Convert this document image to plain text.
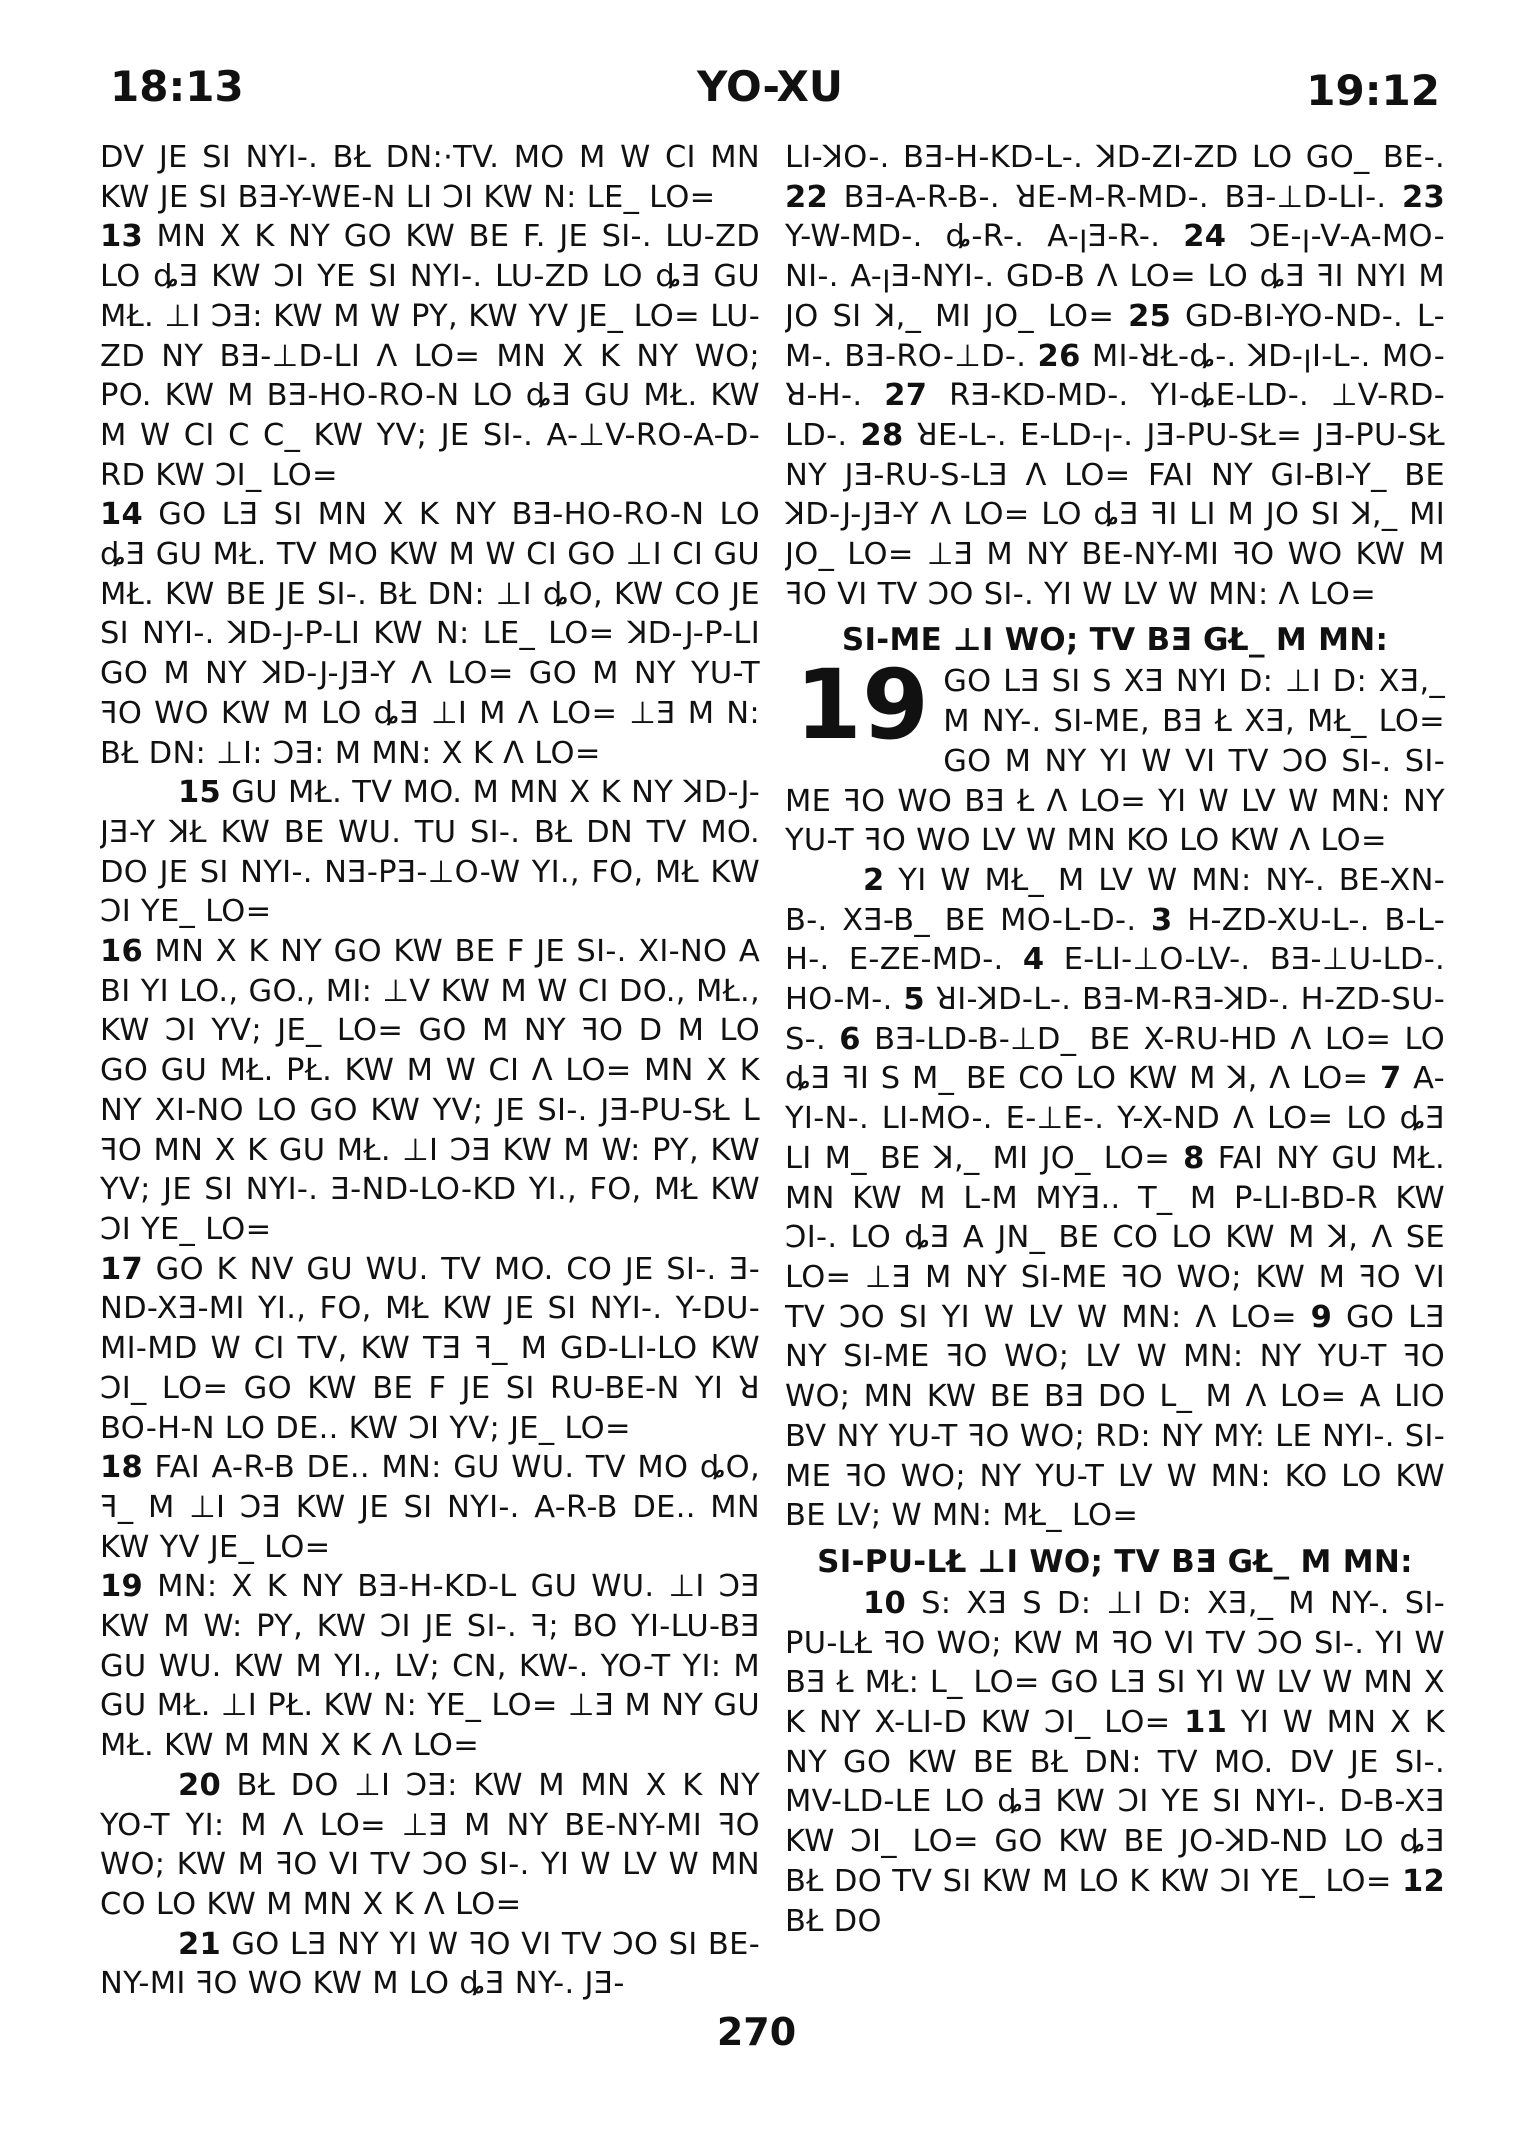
18:13	YO-XU	19:12

DV JE SI NYI-. BŁ DN:·TV. MO M W CI MN KW JE SI BƎ-Y-WE-N LI ƆI KW N: LE_ LO=

13 MN X K NY GO KW BE F. JE SI-. LU-ZD LO ȡƎ KW ƆI YE SI NYI-. LU-ZD LO ȡƎ GU MŁ. ⊥I ƆƎ: KW M W PY, KW YV JE_ LO= LU-ZD NY BƎ-⊥D-LI Λ LO= MN X K NY WO; PO. KW M BƎ-HO-RO-N LO ȡƎ GU MŁ. KW M W CI C C_ KW YV; JE SI-. A-⊥V-RO-A-D-RD KW ƆI_ LO=

14 GO LƎ SI MN X K NY BƎ-HO-RO-N LO ȡƎ GU MŁ. TV MO KW M W CI GO ⊥I CI GU MŁ. KW BE JE SI-. BŁ DN: ⊥I ȡO, KW CO JE SI NYI-. ꓘD-J-P-LI KW N: LE_ LO= ꓘD-J-P-LI GO M NY ꓘD-J-JƎ-Y Λ LO= GO M NY YU-T ꟻO WO KW M LO ȡƎ ⊥I M Λ LO= ⊥Ǝ M N: BŁ DN: ⊥I: ƆƎ: M MN: X K Λ LO=

15 GU MŁ. TV MO. M MN X K NY ꓘD-J-JƎ-Y ꓘŁ KW BE WU. TU SI-. BŁ DN TV MO. DO JE SI NYI-. NƎ-PƎ-⊥O-W YI., FO, MŁ KW ƆI YE_ LO=

16 MN X K NY GO KW BE F JE SI-. XI-NO A BI YI LO., GO., MI: ⊥V KW M W CI DO., MŁ., KW ƆI YV; JE_ LO= GO M NY ꟻO D M LO GO GU MŁ. PŁ. KW M W CI Λ LO= MN X K NY XI-NO LO GO KW YV; JE SI-. JƎ-PU-SŁ L ꟻO MN X K GU MŁ. ⊥I ƆƎ KW M W: PY, KW YV; JE SI NYI-. Ǝ-ND-LO-KD YI., FO, MŁ KW ƆI YE_ LO=

17 GO K NV GU WU. TV MO. CO JE SI-. Ǝ-ND-XƎ-MI YI., FO, MŁ KW JE SI NYI-. Y-DU-MI-MD W CI TV, KW TƎ ꟻ_ M GD-LI-LO KW ƆI_ LO= GO KW BE F JE SI RU-BE-N YI ꓤ BO-H-N LO DE.. KW ƆI YV; JE_ LO=

18 FAI A-R-B DE.. MN: GU WU. TV MO ȡO, ꟻ_ M ⊥I ƆƎ KW JE SI NYI-. A-R-B DE.. MN KW YV JE_ LO=

19 MN: X K NY BƎ-H-KD-L GU WU. ⊥I ƆƎ KW M W: PY, KW ƆI JE SI-. ꟻ; BO YI-LU-BƎ GU WU. KW M YI., LV; CN, KW-. YO-T YI: M GU MŁ. ⊥I PŁ. KW N: YE_ LO= ⊥Ǝ M NY GU MŁ. KW M MN X K Λ LO=

20 BŁ DO ⊥I ƆƎ: KW M MN X K NY YO-T YI: M Λ LO= ⊥Ǝ M NY BE-NY-MI ꟻO WO; KW M ꟻO VI TV ƆO SI-. YI W LV W MN CO LO KW M MN X K Λ LO=

21 GO LƎ NY YI W ꟻO VI TV ƆO SI BE-NY-MI ꟻO WO KW M LO ȡƎ NY-. JƎ-

LI-ꓘO-. BƎ-H-KD-L-. ꓘD-ZI-ZD LO GO_ BE-. 22 BƎ-A-R-B-. ꓤE-M-R-MD-. BƎ-⊥D-LI-. 23 Y-W-MD-. ȡ-R-. A-ꞁƎ-R-. 24 ƆE-ꞁ-V-A-MO-NI-. A-ꞁƎ-NYI-. GD-B Λ LO= LO ȡƎ ꟻI NYI M JO SI ꓘ,_ MI JO_ LO= 25 GD-BI-YO-ND-. L-M-. BƎ-RO-⊥D-. 26 MI-ꓤŁ-ȡ-. ꓘD-ꞁI-L-. MO-ꓤ-H-. 27 RƎ-KD-MD-. YI-ȡE-LD-. ⊥V-RD-LD-. 28 ꓤE-L-. E-LD-ꞁ-. JƎ-PU-SŁ= JƎ-PU-SŁ NY JƎ-RU-S-LƎ Λ LO= FAI NY GI-BI-Y_ BE ꓘD-J-JƎ-Y Λ LO= LO ȡƎ ꟻI LI M JO SI ꓘ,_ MI JO_ LO= ⊥Ǝ M NY BE-NY-MI ꟻO WO KW M ꟻO VI TV ƆO SI-. YI W LV W MN: Λ LO=

SI-ME ⊥I WO; TV BƎ GŁ_ M MN:

19 GO LƎ SI S XƎ NYI D: ⊥I D: XƎ,_ M NY-. SI-ME, BƎ Ł XƎ, MŁ_ LO= GO M NY YI W VI TV ƆO SI-. SI-ME ꟻO WO BƎ Ł Λ LO= YI W LV W MN: NY YU-T ꟻO WO LV W MN KO LO KW Λ LO=

2 YI W MŁ_ M LV W MN: NY-. BE-XN-B-. XƎ-B_ BE MO-L-D-. 3 H-ZD-XU-L-. B-L-H-. E-ZE-MD-. 4 E-LI-⊥O-LV-. BƎ-⊥U-LD-. HO-M-. 5 ꓤI-ꓘD-L-. BƎ-M-RƎ-ꓘD-. H-ZD-SU-S-. 6 BƎ-LD-B-⊥D_ BE X-RU-HD Λ LO= LO ȡƎ ꟻI S M_ BE CO LO KW M ꓘ, Λ LO= 7 A-YI-N-. LI-MO-. E-⊥E-. Y-X-ND Λ LO= LO ȡƎ LI M_ BE ꓘ,_ MI JO_ LO= 8 FAI NY GU MŁ. MN KW M L-M MYƎ.. T_ M P-LI-BD-R KW ƆI-. LO ȡƎ A JN_ BE CO LO KW M ꓘ, Λ SE LO= ⊥Ǝ M NY SI-ME ꟻO WO; KW M ꟻO VI TV ƆO SI YI W LV W MN: Λ LO= 9 GO LƎ NY SI-ME ꟻO WO; LV W MN: NY YU-T ꟻO WO; MN KW BE BƎ DO L_ M Λ LO= A LIO BV NY YU-T ꟻO WO; RD: NY MY: LE NYI-. SI-ME ꟻO WO; NY YU-T LV W MN: KO LO KW BE LV; W MN: MŁ_ LO=

SI-PU-LŁ ⊥I WO; TV BƎ GŁ_ M MN:

10 S: XƎ S D: ⊥I D: XƎ,_ M NY-. SI-PU-LŁ ꟻO WO; KW M ꟻO VI TV ƆO SI-. YI W BƎ Ł MŁ: L_ LO= GO LƎ SI YI W LV W MN X K NY X-LI-D KW ƆI_ LO= 11 YI W MN X K NY GO KW BE BŁ DN: TV MO. DV JE SI-. MV-LD-LE LO ȡƎ KW ƆI YE SI NYI-. D-B-XƎ KW ƆI_ LO= GO KW BE JO-ꓘD-ND LO ȡƎ BŁ DO TV SI KW M LO K KW ƆI YE_ LO= 12 BŁ DO

270
